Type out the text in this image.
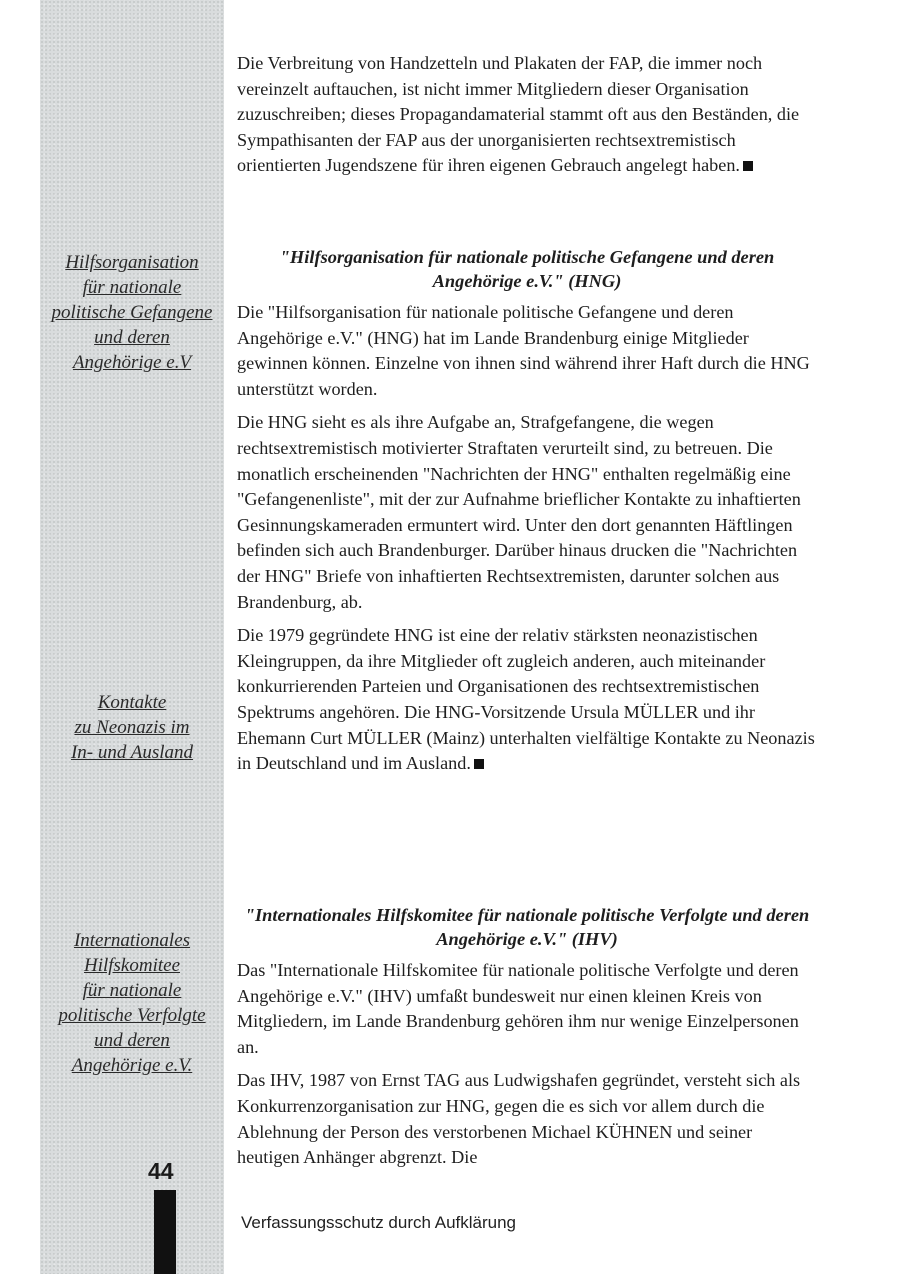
Hilfsorganisation
für nationale
politische Gefangene
und deren
Angehörige e.V
Kontakte
zu Neonazis im
In- und Ausland
Internationales
Hilfskomitee
für nationale
politische Verfolgte
und deren
Angehörige e.V.
44

Die Verbreitung von Handzetteln und Plakaten der FAP, die immer noch vereinzelt auftauchen, ist nicht immer Mitgliedern dieser Organisation zuzuschreiben; dieses Propagandamaterial stammt oft aus den Beständen, die Sympathisanten der FAP aus der unorganisierten rechtsextremistisch orientierten Jugendszene für ihren eigenen Gebrauch angelegt haben.

"Hilfsorganisation für nationale politische Gefangene und deren Angehörige e.V." (HNG)

Die "Hilfsorganisation für nationale politische Gefangene und deren Angehörige e.V." (HNG) hat im Lande Brandenburg einige Mitglieder gewinnen können. Einzelne von ihnen sind während ihrer Haft durch die HNG unterstützt worden.

Die HNG sieht es als ihre Aufgabe an, Strafgefangene, die wegen rechtsextremistisch motivierter Straftaten verurteilt sind, zu betreuen. Die monatlich erscheinenden "Nachrichten der HNG" enthalten regelmäßig eine "Gefangenenliste", mit der zur Aufnahme brieflicher Kontakte zu inhaftierten Gesinnungskameraden ermuntert wird. Unter den dort genannten Häftlingen befinden sich auch Brandenburger. Darüber hinaus drucken die "Nachrichten der HNG" Briefe von inhaftierten Rechtsextremisten, darunter solchen aus Brandenburg, ab.

Die 1979 gegründete HNG ist eine der relativ stärksten neonazistischen Kleingruppen, da ihre Mitglieder oft zugleich anderen, auch miteinander konkurrierenden Parteien und Organisationen des rechtsextremistischen Spektrums angehören. Die HNG-Vorsitzende Ursula MÜLLER und ihr Ehemann Curt MÜLLER (Mainz) unterhalten vielfältige Kontakte zu Neonazis in Deutschland und im Ausland.

"Internationales Hilfskomitee für nationale politische Verfolgte und deren Angehörige e.V." (IHV)

Das "Internationale Hilfskomitee für nationale politische Verfolgte und deren Angehörige e.V." (IHV) umfaßt bundesweit nur einen kleinen Kreis von Mitgliedern, im Lande Brandenburg gehören ihm nur wenige Einzelpersonen an.

Das IHV, 1987 von Ernst TAG aus Ludwigshafen gegründet, versteht sich als Konkurrenzorganisation zur HNG, gegen die es sich vor allem durch die Ablehnung der Person des verstorbenen Michael KÜHNEN und seiner heutigen Anhänger abgrenzt. Die

Verfassungsschutz durch Aufklärung
